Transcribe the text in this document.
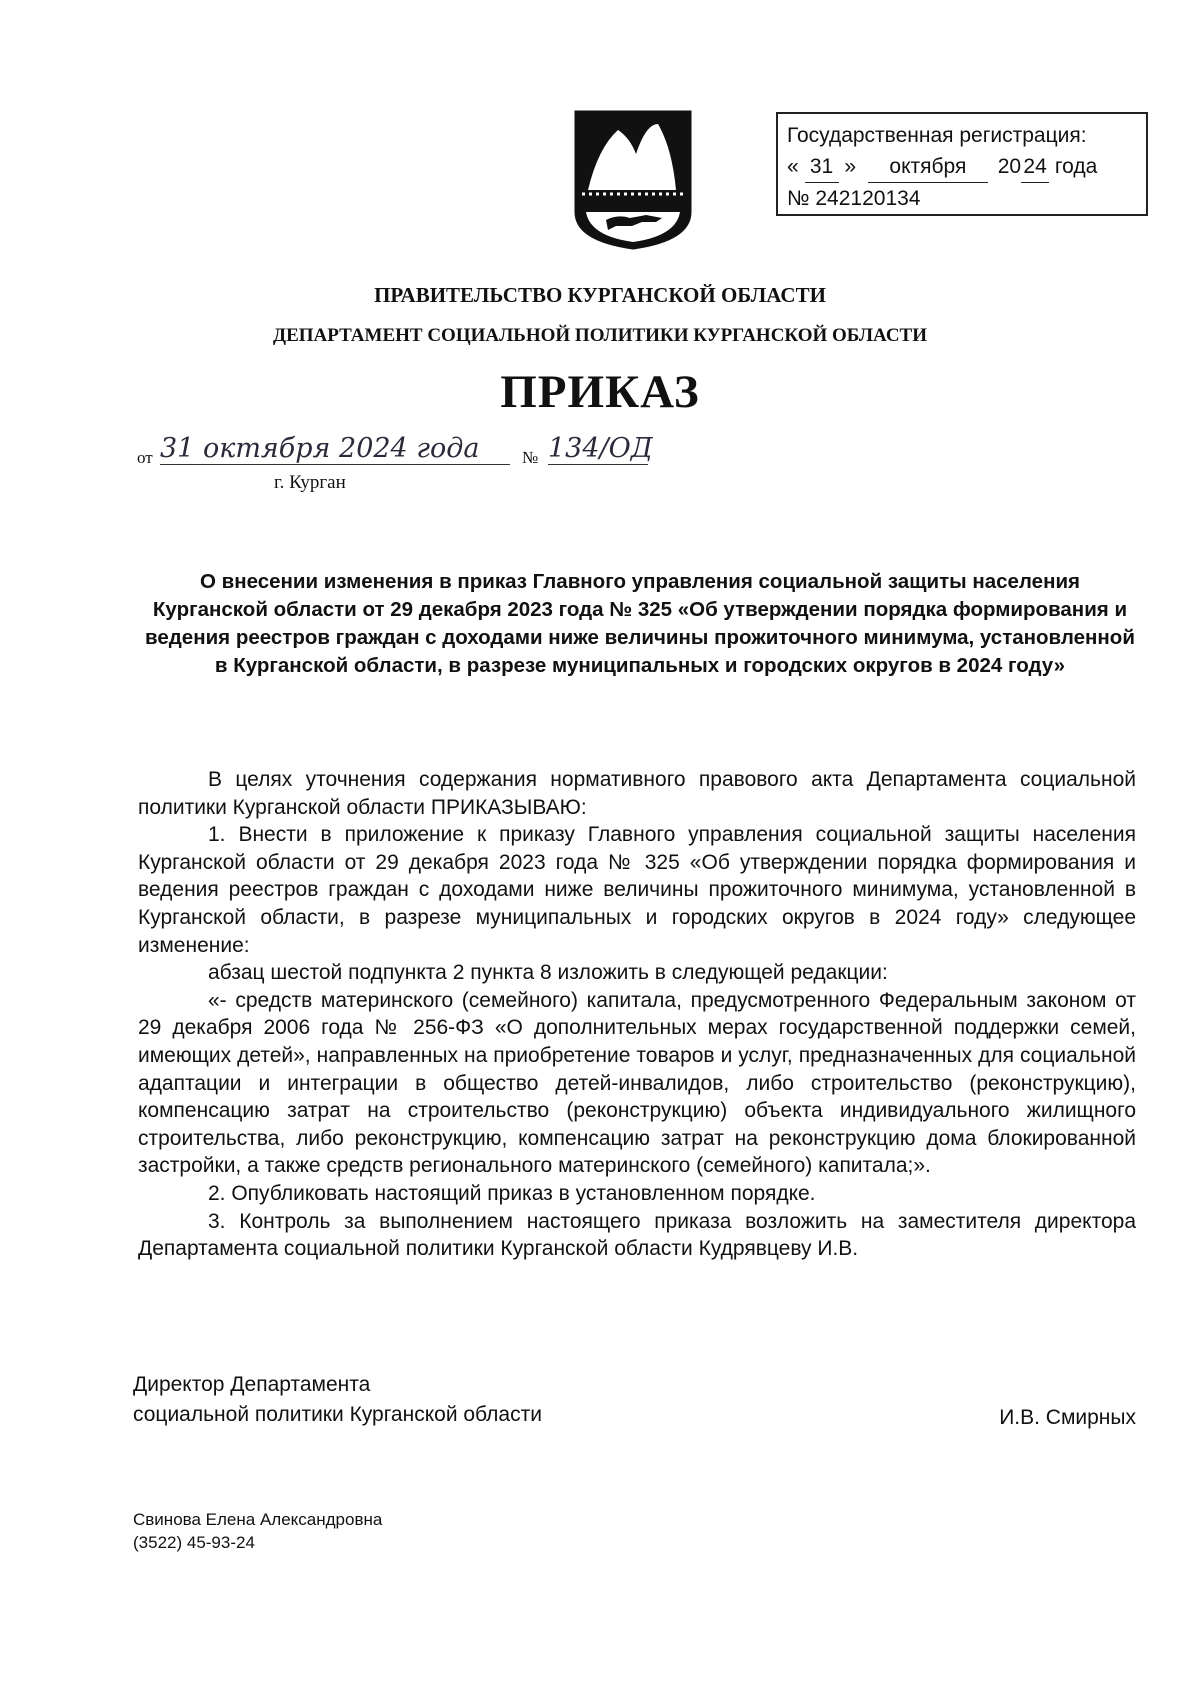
Государственная регистрация:
« 31 » октября 20 24 года
№ 242120134
ПРАВИТЕЛЬСТВО КУРГАНСКОЙ ОБЛАСТИ
ДЕПАРТАМЕНТ СОЦИАЛЬНОЙ ПОЛИТИКИ КУРГАНСКОЙ ОБЛАСТИ
ПРИКАЗ
от 31 октября 2024 года	№ 134/ОД
г. Курган
О внесении изменения в приказ Главного управления социальной защиты населения Курганской области от 29 декабря 2023 года № 325 «Об утверждении порядка формирования и ведения реестров граждан с доходами ниже величины прожиточного минимума, установленной в Курганской области, в разрезе муниципальных и городских округов в 2024 году»
В целях уточнения содержания нормативного правового акта Департамента социальной политики Курганской области ПРИКАЗЫВАЮ:
1. Внести в приложение к приказу Главного управления социальной защиты населения Курганской области от 29 декабря 2023 года № 325 «Об утверждении порядка формирования и ведения реестров граждан с доходами ниже величины прожиточного минимума, установленной в Курганской области, в разрезе муниципальных и городских округов в 2024 году» следующее изменение:
абзац шестой подпункта 2 пункта 8 изложить в следующей редакции:
«- средств материнского (семейного) капитала, предусмотренного Федеральным законом от 29 декабря 2006 года № 256-ФЗ «О дополнительных мерах государственной поддержки семей, имеющих детей», направленных на приобретение товаров и услуг, предназначенных для социальной адаптации и интеграции в общество детей-инвалидов, либо строительство (реконструкцию), компенсацию затрат на строительство (реконструкцию) объекта индивидуального жилищного строительства, либо реконструкцию, компенсацию затрат на реконструкцию дома блокированной застройки, а также средств регионального материнского (семейного) капитала;».
2. Опубликовать настоящий приказ в установленном порядке.
3. Контроль за выполнением настоящего приказа возложить на заместителя директора Департамента социальной политики Курганской области Кудрявцеву И.В.
Директор Департамента
социальной политики Курганской области	И.В. Смирных
Свинова Елена Александровна
(3522) 45-93-24
